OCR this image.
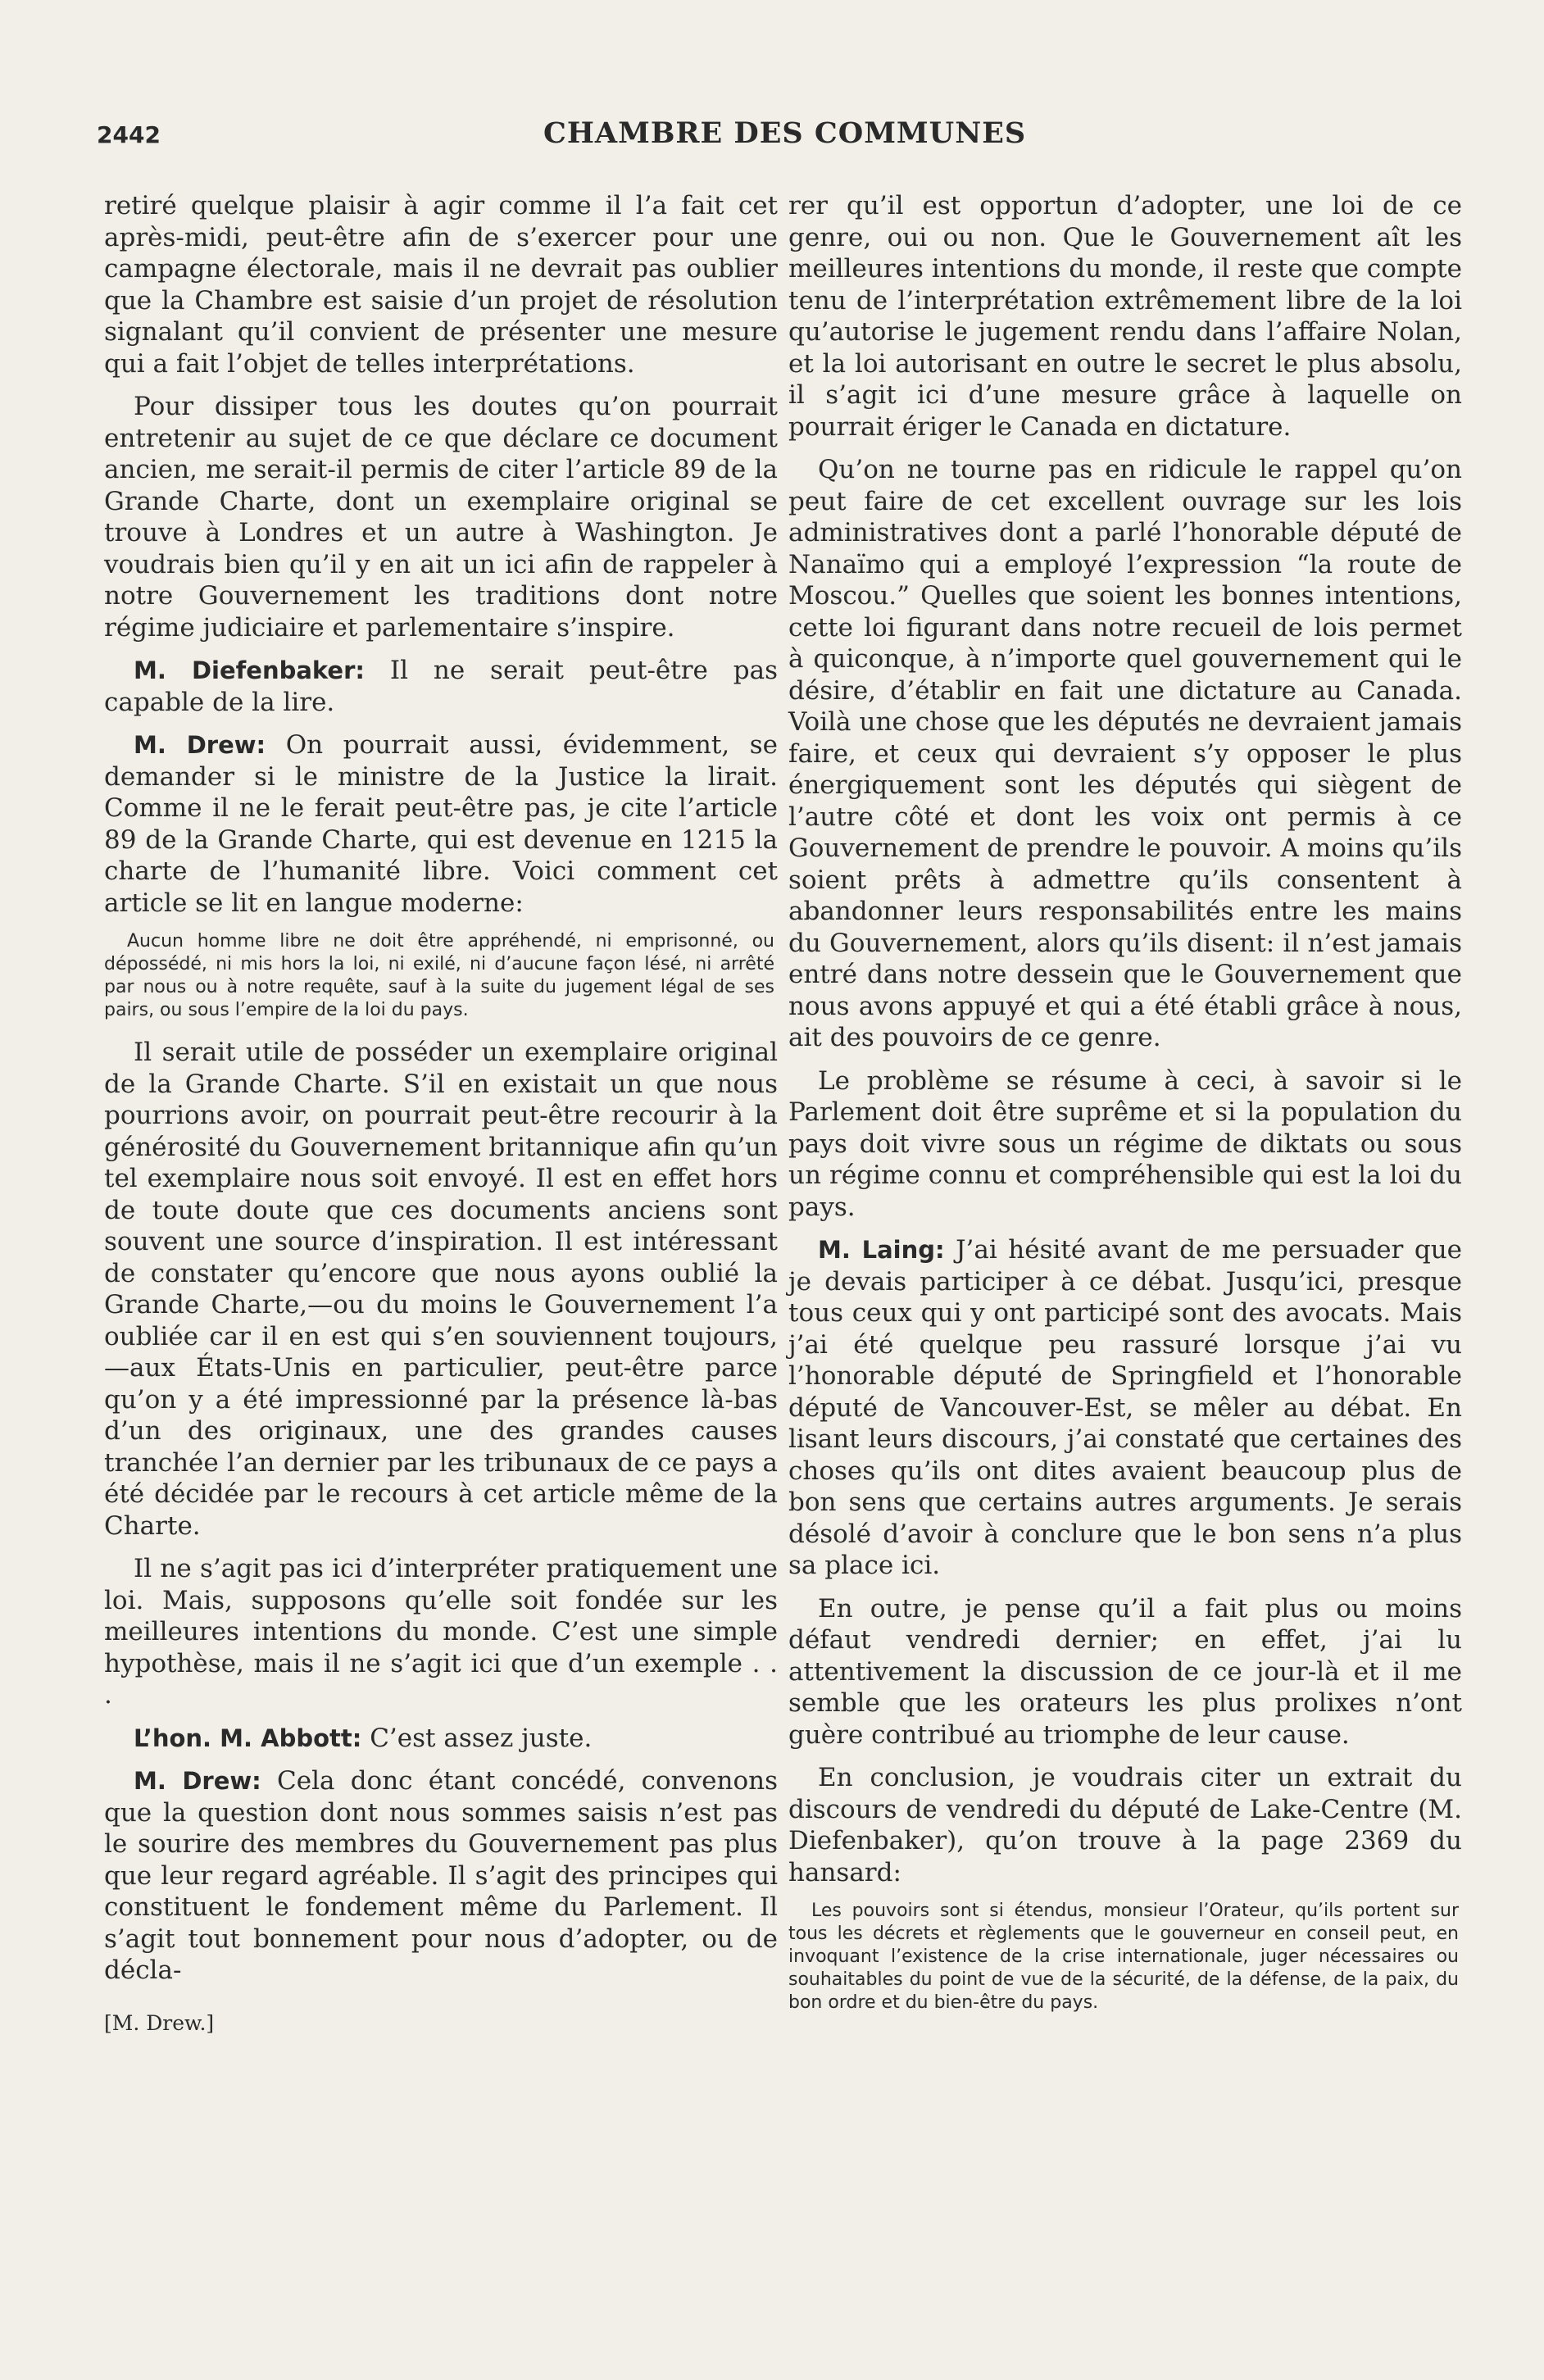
2442	CHAMBRE DES COMMUNES

retiré quelque plaisir à agir comme il l’a fait cet après-midi, peut-être afin de s’exercer pour une campagne électorale, mais il ne devrait pas oublier que la Chambre est saisie d’un projet de résolution signalant qu’il convient de présenter une mesure qui a fait l’objet de telles interprétations.

Pour dissiper tous les doutes qu’on pourrait entretenir au sujet de ce que déclare ce document ancien, me serait-il permis de citer l’article 89 de la Grande Charte, dont un exemplaire original se trouve à Londres et un autre à Washington. Je voudrais bien qu’il y en ait un ici afin de rappeler à notre Gouvernement les traditions dont notre régime judiciaire et parlementaire s’inspire.

M. Diefenbaker: Il ne serait peut-être pas capable de la lire.

M. Drew: On pourrait aussi, évidemment, se demander si le ministre de la Justice la lirait. Comme il ne le ferait peut-être pas, je cite l’article 89 de la Grande Charte, qui est devenue en 1215 la charte de l’humanité libre. Voici comment cet article se lit en langue moderne:

Aucun homme libre ne doit être appréhendé, ni emprisonné, ou dépossédé, ni mis hors la loi, ni exilé, ni d’aucune façon lésé, ni arrêté par nous ou à notre requête, sauf à la suite du jugement légal de ses pairs, ou sous l’empire de la loi du pays.

Il serait utile de posséder un exemplaire original de la Grande Charte. S’il en existait un que nous pourrions avoir, on pourrait peut-être recourir à la générosité du Gouvernement britannique afin qu’un tel exemplaire nous soit envoyé. Il est en effet hors de toute doute que ces documents anciens sont souvent une source d’inspiration. Il est intéressant de constater qu’encore que nous ayons oublié la Grande Charte,—ou du moins le Gouvernement l’a oubliée car il en est qui s’en souviennent toujours,—aux États-Unis en particulier, peut-être parce qu’on y a été impressionné par la présence là-bas d’un des originaux, une des grandes causes tranchée l’an dernier par les tribunaux de ce pays a été décidée par le recours à cet article même de la Charte.

Il ne s’agit pas ici d’interpréter pratiquement une loi. Mais, supposons qu’elle soit fondée sur les meilleures intentions du monde. C’est une simple hypothèse, mais il ne s’agit ici que d’un exemple . . .

L’hon. M. Abbott: C’est assez juste.

M. Drew: Cela donc étant concédé, convenons que la question dont nous sommes saisis n’est pas le sourire des membres du Gouvernement pas plus que leur regard agréable. Il s’agit des principes qui constituent le fondement même du Parlement. Il s’agit tout bonnement pour nous d’adopter, ou de décla-

[M. Drew.]

rer qu’il est opportun d’adopter, une loi de ce genre, oui ou non. Que le Gouvernement aît les meilleures intentions du monde, il reste que compte tenu de l’interprétation extrêmement libre de la loi qu’autorise le jugement rendu dans l’affaire Nolan, et la loi autorisant en outre le secret le plus absolu, il s’agit ici d’une mesure grâce à laquelle on pourrait ériger le Canada en dictature.

Qu’on ne tourne pas en ridicule le rappel qu’on peut faire de cet excellent ouvrage sur les lois administratives dont a parlé l’honorable député de Nanaïmo qui a employé l’expression “la route de Moscou.” Quelles que soient les bonnes intentions, cette loi figurant dans notre recueil de lois permet à quiconque, à n’importe quel gouvernement qui le désire, d’établir en fait une dictature au Canada. Voilà une chose que les députés ne devraient jamais faire, et ceux qui devraient s’y opposer le plus énergiquement sont les députés qui siègent de l’autre côté et dont les voix ont permis à ce Gouvernement de prendre le pouvoir. A moins qu’ils soient prêts à admettre qu’ils consentent à abandonner leurs responsabilités entre les mains du Gouvernement, alors qu’ils disent: il n’est jamais entré dans notre dessein que le Gouvernement que nous avons appuyé et qui a été établi grâce à nous, ait des pouvoirs de ce genre.

Le problème se résume à ceci, à savoir si le Parlement doit être suprême et si la population du pays doit vivre sous un régime de diktats ou sous un régime connu et compréhensible qui est la loi du pays.

M. Laing: J’ai hésité avant de me persuader que je devais participer à ce débat. Jusqu’ici, presque tous ceux qui y ont participé sont des avocats. Mais j’ai été quelque peu rassuré lorsque j’ai vu l’honorable député de Springfield et l’honorable député de Vancouver-Est, se mêler au débat. En lisant leurs discours, j’ai constaté que certaines des choses qu’ils ont dites avaient beaucoup plus de bon sens que certains autres arguments. Je serais désolé d’avoir à conclure que le bon sens n’a plus sa place ici.

En outre, je pense qu’il a fait plus ou moins défaut vendredi dernier; en effet, j’ai lu attentivement la discussion de ce jour-là et il me semble que les orateurs les plus prolixes n’ont guère contribué au triomphe de leur cause.

En conclusion, je voudrais citer un extrait du discours de vendredi du député de Lake-Centre (M. Diefenbaker), qu’on trouve à la page 2369 du hansard:

Les pouvoirs sont si étendus, monsieur l’Orateur, qu’ils portent sur tous les décrets et règlements que le gouverneur en conseil peut, en invoquant l’existence de la crise internationale, juger nécessaires ou souhaitables du point de vue de la sécurité, de la défense, de la paix, du bon ordre et du bien-être du pays.
